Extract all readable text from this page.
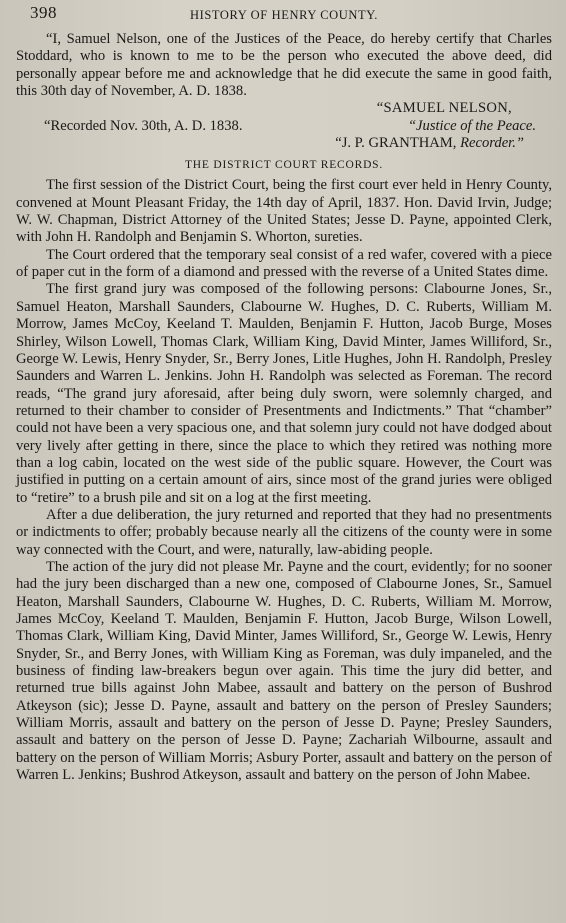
398	HISTORY OF HENRY COUNTY.

“I, Samuel Nelson, one of the Justices of the Peace, do hereby certify that Charles Stoddard, who is known to me to be the person who executed the above deed, did personally appear before me and acknowledge that he did execute the same in good faith, this 30th day of November, A. D. 1838.

“SAMUEL NELSON,
“Recorded Nov. 30th, A. D. 1838.	“Justice of the Peace.
“J. P. GRANTHAM, Recorder.”
THE DISTRICT COURT RECORDS.

The first session of the District Court, being the first court ever held in Henry County, convened at Mount Pleasant Friday, the 14th day of April, 1837. Hon. David Irvin, Judge; W. W. Chapman, District Attorney of the United States; Jesse D. Payne, appointed Clerk, with John H. Randolph and Benjamin S. Whorton, sureties.

The Court ordered that the temporary seal consist of a red wafer, covered with a piece of paper cut in the form of a diamond and pressed with the reverse of a United States dime.

The first grand jury was composed of the following persons: Clabourne Jones, Sr., Samuel Heaton, Marshall Saunders, Clabourne W. Hughes, D. C. Ruberts, William M. Morrow, James McCoy, Keeland T. Maulden, Benjamin F. Hutton, Jacob Burge, Moses Shirley, Wilson Lowell, Thomas Clark, William King, David Minter, James Williford, Sr., George W. Lewis, Henry Snyder, Sr., Berry Jones, Litle Hughes, John H. Randolph, Presley Saunders and Warren L. Jenkins. John H. Randolph was selected as Foreman. The record reads, “The grand jury aforesaid, after being duly sworn, were solemnly charged, and returned to their chamber to consider of Presentments and Indictments.” That “chamber” could not have been a very spacious one, and that solemn jury could not have dodged about very lively after getting in there, since the place to which they retired was nothing more than a log cabin, located on the west side of the public square. However, the Court was justified in putting on a certain amount of airs, since most of the grand juries were obliged to “retire” to a brush pile and sit on a log at the first meeting.

After a due deliberation, the jury returned and reported that they had no presentments or indictments to offer; probably because nearly all the citizens of the county were in some way connected with the Court, and were, naturally, law-abiding people.

The action of the jury did not please Mr. Payne and the court, evidently; for no sooner had the jury been discharged than a new one, composed of Clabourne Jones, Sr., Samuel Heaton, Marshall Saunders, Clabourne W. Hughes, D. C. Ruberts, William M. Morrow, James McCoy, Keeland T. Maulden, Benjamin F. Hutton, Jacob Burge, Wilson Lowell, Thomas Clark, William King, David Minter, James Williford, Sr., George W. Lewis, Henry Snyder, Sr., and Berry Jones, with William King as Foreman, was duly impaneled, and the business of finding law-breakers begun over again. This time the jury did better, and returned true bills against John Mabee, assault and battery on the person of Bushrod Atkeyson (sic); Jesse D. Payne, assault and battery on the person of Presley Saunders; William Morris, assault and battery on the person of Jesse D. Payne; Presley Saunders, assault and battery on the person of Jesse D. Payne; Zachariah Wilbourne, assault and battery on the person of William Morris; Asbury Porter, assault and battery on the person of Warren L. Jenkins; Bushrod Atkeyson, assault and battery on the person of John Mabee.
